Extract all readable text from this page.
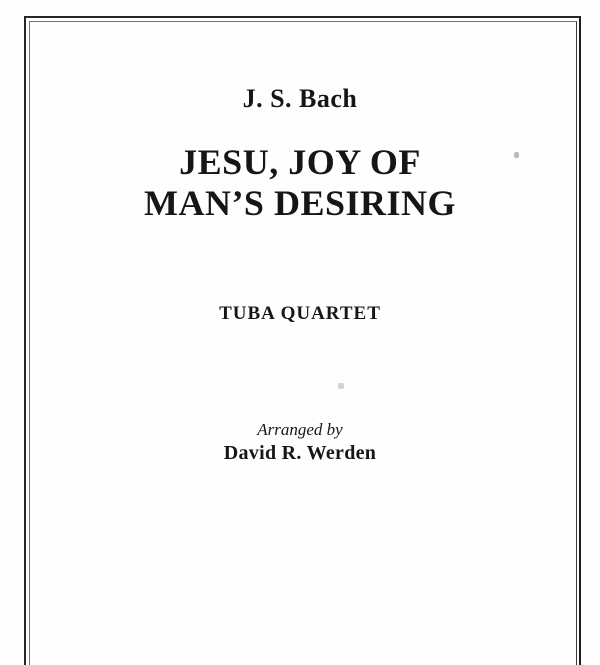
J. S. Bach
JESU, JOY OF
MAN’S DESIRING
TUBA QUARTET
Arranged by
David R. Werden
